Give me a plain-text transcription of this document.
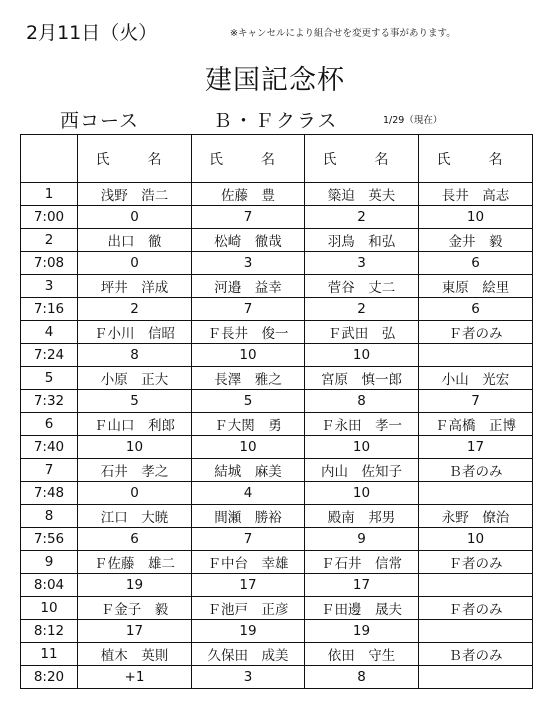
2月11日（火）	※キャンセルにより組合せを変更する事があります。
建国記念杯
西コース	Ｂ・Ｆクラス	1/29（現在）
	氏　名	氏　名	氏　名	氏　名
1	浅野　浩二	佐藤　豊	簗迫　英夫	長井　高志
7:00	0	7	2	10
2	出口　徹	松崎　徹哉	羽鳥　和弘	金井　毅
7:08	0	3	3	6
3	坪井　洋成	河邉　益幸	菅谷　丈二	東原　絵里
7:16	2	7	2	6
4	Ｆ小川　信昭	Ｆ長井　俊一	Ｆ武田　弘	Ｆ者のみ
7:24	8	10	10	
5	小原　正大	長澤　雅之	宮原　慎一郎	小山　光宏
7:32	5	5	8	7
6	Ｆ山口　利郎	Ｆ大関　勇	Ｆ永田　孝一	Ｆ高橋　正博
7:40	10	10	10	17
7	石井　孝之	結城　麻美	内山　佐知子	Ｂ者のみ
7:48	0	4	10	
8	江口　大暁	間瀬　勝裕	殿南　邦男	永野　僚治
7:56	6	7	9	10
9	Ｆ佐藤　雄二	Ｆ中台　幸雄	Ｆ石井　信常	Ｆ者のみ
8:04	19	17	17	
10	Ｆ金子　毅	Ｆ池戸　正彦	Ｆ田邊　晟夫	Ｆ者のみ
8:12	17	19	19	
11	植木　英則	久保田　成美	依田　守生	Ｂ者のみ
8:20	+1	3	8	
